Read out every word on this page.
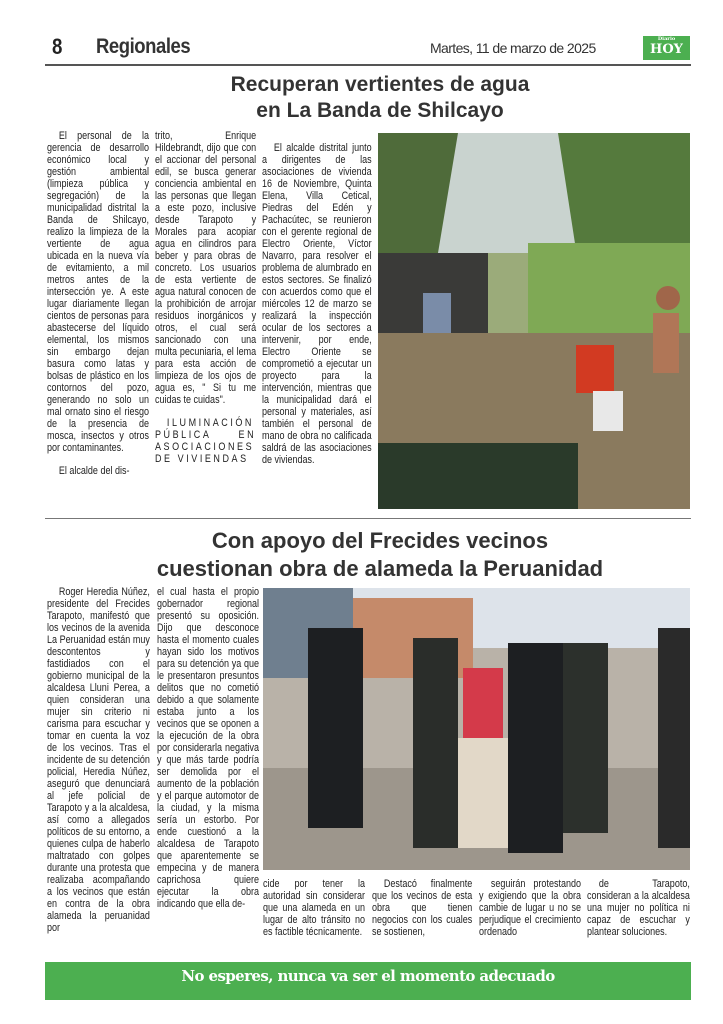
8 Regionales	Martes, 11 de marzo de 2025
Diario
HOY
Recuperan vertientes de agua
en La Banda de Shilcayo

El personal de la gerencia de desarrollo económico local y gestión ambiental (limpieza pública y segregación) de la municipalidad distrital la Banda de Shilcayo, realizo la limpieza de la vertiente de agua ubicada en la nueva vía de evitamiento, a mil metros antes de la intersección ye. A este lugar diariamente llegan cientos de personas para abastecerse del líquido elemental, los mismos sin embargo dejan basura como latas y bolsas de plástico en los contornos del pozo, generando no solo un mal ornato sino el riesgo de la presencia de mosca, insectos y otros por contaminantes.

El alcalde del dis-

trito, Enrique Hildebrandt, dijo que con el accionar del personal edil, se busca generar conciencia ambiental en las personas que llegan a este pozo, inclusive desde Tarapoto y Morales para acopiar agua en cilindros para beber y para obras de concreto. Los usuarios de esta vertiente de agua natural conocen de la prohibición de arrojar residuos inorgánicos y otros, el cual será sancionado con una multa pecuniaria, el lema para esta acción de limpieza de los ojos de agua es, " Si tu me cuidas te cuidas".

ILUMINACIÓN PÚBLICA EN ASOCIACIONES DE VIVIENDAS

El alcalde distrital junto a dirigentes de las asociaciones de vivienda 16 de Noviembre, Quinta Elena, Villa Cetical, Piedras del Edén y Pachacútec, se reunieron con el gerente regional de Electro Oriente, Víctor Navarro, para resolver el problema de alumbrado en estos sectores. Se finalizó con acuerdos como que el miércoles 12 de marzo se realizará la inspección ocular de los sectores a intervenir, por ende, Electro Oriente se comprometió a ejecutar un proyecto para la intervención, mientras que la municipalidad dará el personal y materiales, así también el personal de mano de obra no calificada saldrá de las asociaciones de viviendas.

Con apoyo del Frecides vecinos
cuestionan obra de alameda la Peruanidad

Roger Heredia Núñez, presidente del Frecides Tarapoto, manifestó que los vecinos de la avenida La Peruanidad están muy descontentos y fastidiados con el gobierno municipal de la alcaldesa Lluni Perea, a quien consideran una mujer sin criterio ni carisma para escuchar y tomar en cuenta la voz de los vecinos. Tras el incidente de su detención policial, Heredia Núñez, aseguró que denunciará al jefe policial de Tarapoto y a la alcaldesa, así como a allegados políticos de su entorno, a quienes culpa de haberlo maltratado con golpes durante una protesta que realizaba acompañando a los vecinos que están en contra de la obra alameda la peruanidad por

el cual hasta el propio gobernador regional presentó su oposición. Dijo que desconoce hasta el momento cuales hayan sido los motivos para su detención ya que le presentaron presuntos delitos que no cometió debido a que solamente estaba junto a los vecinos que se oponen a la ejecución de la obra por considerarla negativa y que más tarde podría ser demolida por el aumento de la población y el parque automotor de la ciudad, y la misma sería un estorbo. Por ende cuestionó a la alcaldesa de Tarapoto que aparentemente se empecina y de manera caprichosa quiere ejecutar la obra indicando que ella de-

cide por tener la autoridad sin considerar que una alameda en un lugar de alto tránsito no es factible técnicamente.

Destacó finalmente que los vecinos de esta obra que tienen negocios con los cuales se sostienen,

seguirán protestando y exigiendo que la obra cambie de lugar u no se perjudique el crecimiento ordenado

de Tarapoto, consideran a la alcaldesa una mujer no política ni capaz de escuchar y plantear soluciones.

No esperes, nunca va ser el momento adecuado
